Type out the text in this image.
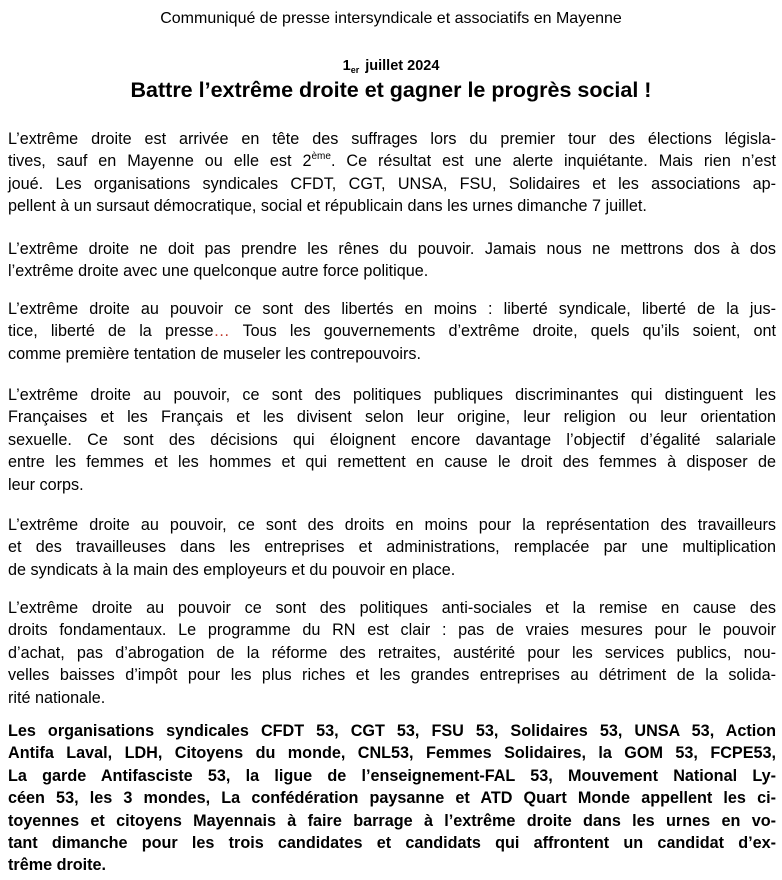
Communiqué de presse intersyndicale et associatifs en Mayenne
$1_{er}$ juillet 2024
Battre l’extrême droite et gagner le progrès social !
L’extrême droite est arrivée en tête des suffrages lors du premier tour des élections législa-
tives, sauf en Mayenne ou elle est 2ème. Ce résultat est une alerte inquiétante. Mais rien n’est
joué. Les organisations syndicales CFDT, CGT, UNSA, FSU, Solidaires et les associations ap-
pellent à un sursaut démocratique, social et républicain dans les urnes dimanche 7 juillet.
L’extrême droite ne doit pas prendre les rênes du pouvoir. Jamais nous ne mettrons dos à dos
l’extrême droite avec une quelconque autre force politique.
L’extrême droite au pouvoir ce sont des libertés en moins : liberté syndicale, liberté de la jus-
tice, liberté de la presse… Tous les gouvernements d’extrême droite, quels qu’ils soient, ont
comme première tentation de museler les contrepouvoirs.
L’extrême droite au pouvoir, ce sont des politiques publiques discriminantes qui distinguent les
Françaises et les Français et les divisent selon leur origine, leur religion ou leur orientation
sexuelle. Ce sont des décisions qui éloignent encore davantage l’objectif d’égalité salariale
entre les femmes et les hommes et qui remettent en cause le droit des femmes à disposer de
leur corps.
L’extrême droite au pouvoir, ce sont des droits en moins pour la représentation des travailleurs
et des travailleuses dans les entreprises et administrations, remplacée par une multiplication
de syndicats à la main des employeurs et du pouvoir en place.
L’extrême droite au pouvoir ce sont des politiques anti-sociales et la remise en cause des
droits fondamentaux. Le programme du RN est clair : pas de vraies mesures pour le pouvoir
d’achat, pas d’abrogation de la réforme des retraites, austérité pour les services publics, nou-
velles baisses d’impôt pour les plus riches et les grandes entreprises au détriment de la solida-
rité nationale.
Les organisations syndicales CFDT 53, CGT 53, FSU 53, Solidaires 53, UNSA 53, Action
Antifa Laval, LDH, Citoyens du monde, CNL53, Femmes Solidaires, la GOM 53, FCPE53,
La garde Antifasciste 53, la ligue de l’enseignement-FAL 53, Mouvement National Ly-
céen 53, les 3 mondes, La confédération paysanne et ATD Quart Monde appellent les ci-
toyennes et citoyens Mayennais à faire barrage à l’extrême droite dans les urnes en vo-
tant dimanche pour les trois candidates et candidats qui affrontent un candidat d’ex-
trême droite.
